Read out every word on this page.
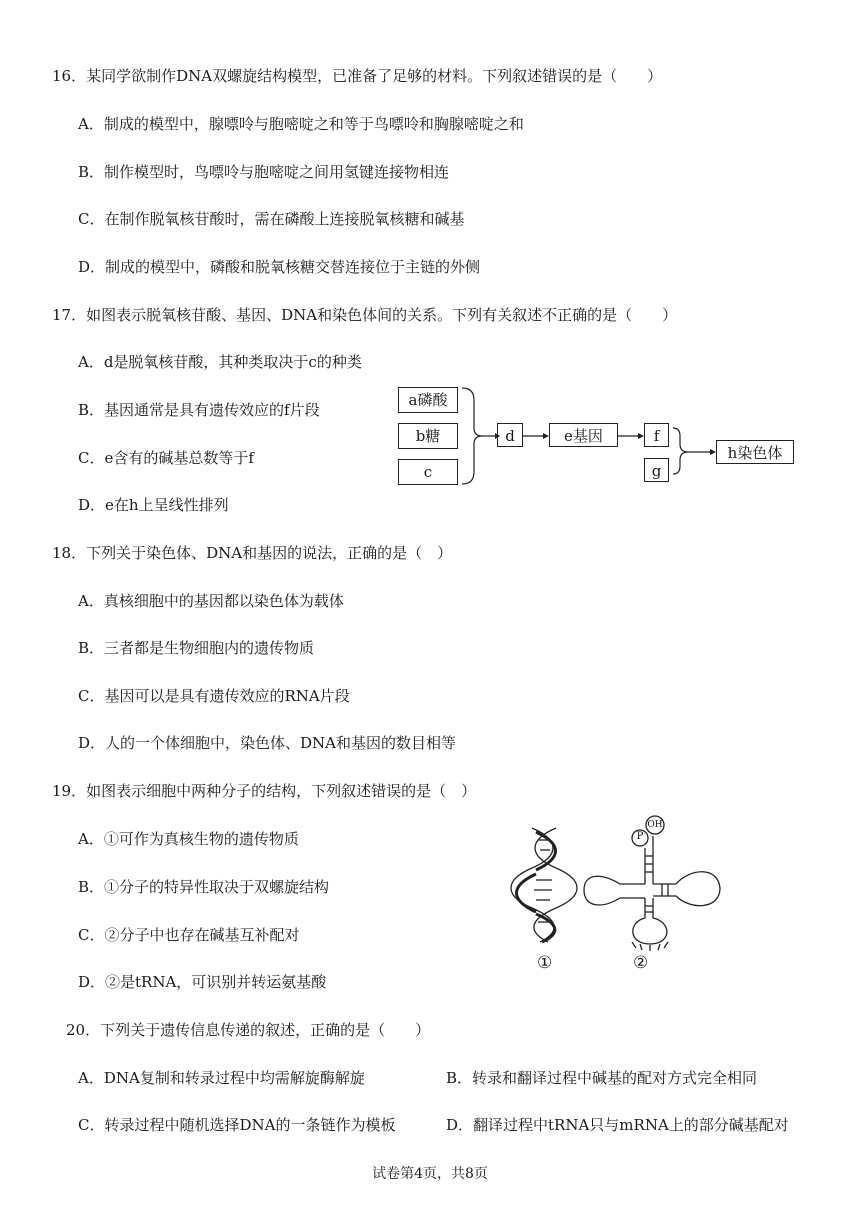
16．某同学欲制作DNA双螺旋结构模型，已准备了足够的材料。下列叙述错误的是（　　）
A．制成的模型中，腺嘌呤与胞嘧啶之和等于鸟嘌呤和胸腺嘧啶之和
B．制作模型时，鸟嘌呤与胞嘧啶之间用氢键连接物相连
C．在制作脱氧核苷酸时，需在磷酸上连接脱氧核糖和碱基
D．制成的模型中，磷酸和脱氧核糖交替连接位于主链的外侧
17．如图表示脱氧核苷酸、基因、DNA和染色体间的关系。下列有关叙述不正确的是（　　）
A．d是脱氧核苷酸，其种类取决于c的种类
B．基因通常是具有遗传效应的f片段
C．e含有的碱基总数等于f
D．e在h上呈线性排列
a磷酸
b糖
c
d	e基因	f
g
h染色体
18．下列关于染色体、DNA和基因的说法，正确的是（　）
A．真核细胞中的基因都以染色体为载体
B．三者都是生物细胞内的遗传物质
C．基因可以是具有遗传效应的RNA片段
D．人的一个体细胞中，染色体、DNA和基因的数目相等
19．如图表示细胞中两种分子的结构，下列叙述错误的是（　）
A．①可作为真核生物的遗传物质
B．①分子的特异性取决于双螺旋结构
C．②分子中也存在碱基互补配对
D．②是tRNA，可识别并转运氨基酸
P
OH
①	②
20．下列关于遗传信息传递的叙述，正确的是（　　）
A．DNA复制和转录过程中均需解旋酶解旋	B．转录和翻译过程中碱基的配对方式完全相同
C．转录过程中随机选择DNA的一条链作为模板	D．翻译过程中tRNA只与mRNA上的部分碱基配对
试卷第4页，共8页
